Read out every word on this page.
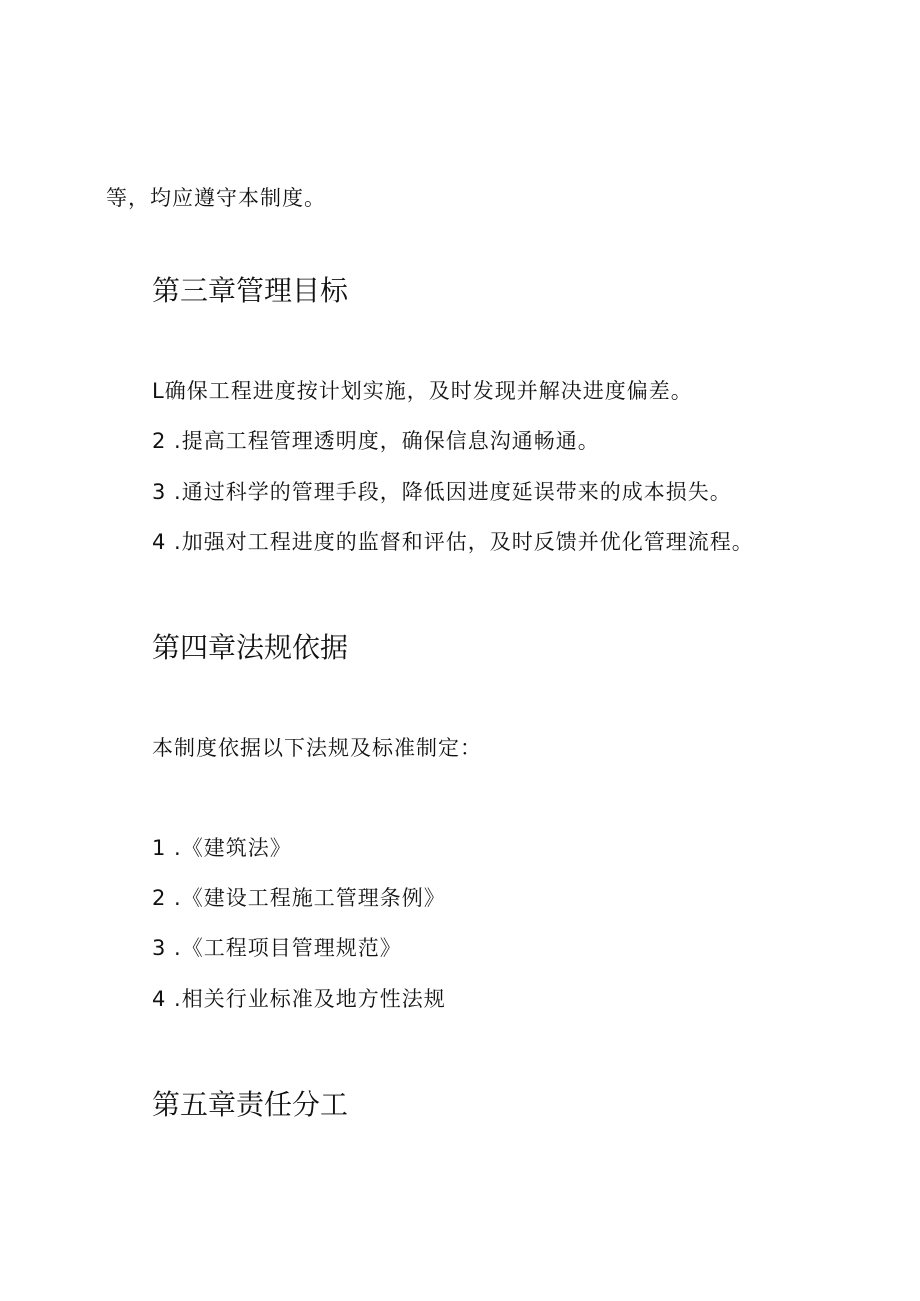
等，均应遵守本制度。
第三章管理目标
L确保工程进度按计划实施，及时发现并解决进度偏差。
2 .提高工程管理透明度，确保信息沟通畅通。
3 .通过科学的管理手段，降低因进度延误带来的成本损失。
4 .加强对工程进度的监督和评估，及时反馈并优化管理流程。
第四章法规依据
本制度依据以下法规及标准制定：
1 .《建筑法》
2 .《建设工程施工管理条例》
3 .《工程项目管理规范》
4 .相关行业标准及地方性法规
第五章责任分工
